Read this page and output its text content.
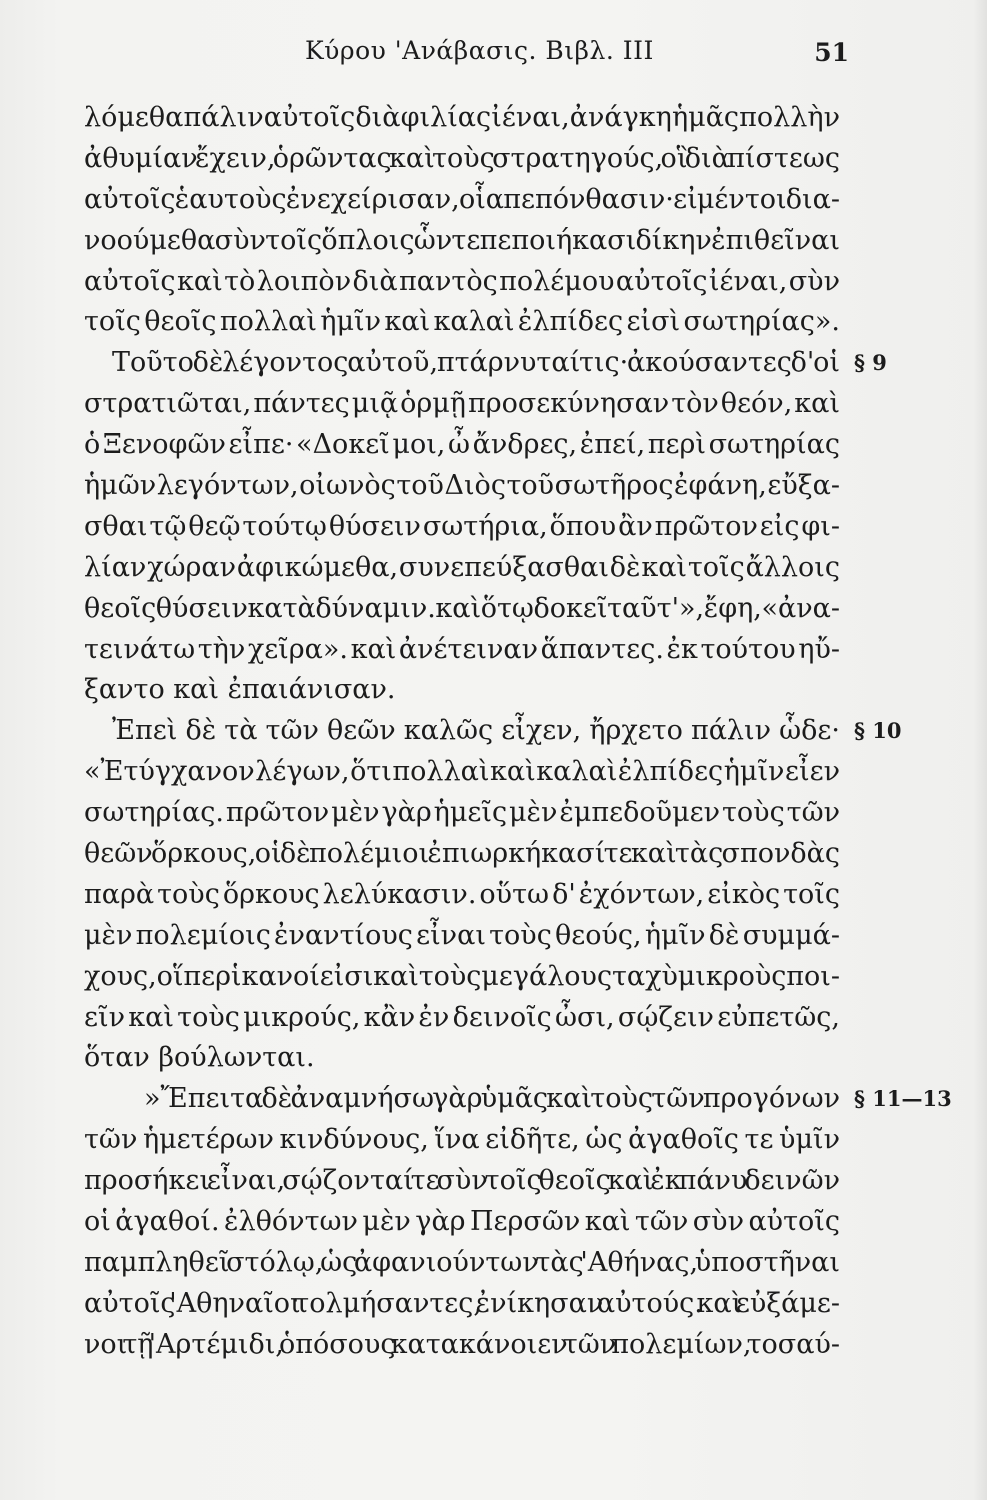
Κύρου 'Ανάβασις. Βιβλ. III	51
λόμεθα πάλιν αὐτοῖς διὰ φιλίας ἰέναι, ἀνάγκη ἡμᾶς πολλὴν
ἀθυμίαν ἔχειν, ὁρῶντας καὶ τοὺς στρατηγούς, οἳ διὰ πίστεως
αὐτοῖς ἑαυτοὺς ἐνεχείρισαν, οἷα πεπόνθασιν· εἰ μέντοι δια-
νοούμεθα σὺν τοῖς ὅπλοις ὧν τε πεποιήκασι δίκην ἐπιθεῖναι
αὐτοῖς καὶ τὸ λοιπὸν διὰ παντὸς πολέμου αὐτοῖς ἰέναι, σὺν
τοῖς θεοῖς πολλαὶ ἡμῖν καὶ καλαὶ ἐλπίδες εἰσὶ σωτηρίας».
Τοῦτο δὲ λέγοντος αὐτοῦ, πτάρνυταί τις· ἀκούσαντες δ' οἱ § 9
στρατιῶται, πάντες μιᾷ ὁρμῇ προσεκύνησαν τὸν θεόν, καὶ
ὁ Ξενοφῶν εἶπε· «Δοκεῖ μοι, ὦ ἄνδρες, ἐπεί, περὶ σωτηρίας
ἡμῶν λεγόντων, οἰωνὸς τοῦ Διὸς τοῦ σωτῆρος ἐφάνη, εὔξα-
σθαι τῷ θεῷ τούτῳ θύσειν σωτήρια, ὅπου ἂν πρῶτον εἰς φι-
λίαν χώραν ἀφικώμεθα, συνεπεύξασθαι δὲ καὶ τοῖς ἄλλοις
θεοῖς θύσειν κατὰ δύναμιν. καὶ ὅτῳ δοκεῖ ταῦτ'», ἔφη, «ἀνα-
τεινάτω τὴν χεῖρα». καὶ ἀνέτειναν ἅπαντες. ἐκ τούτου ηὔ-
ξαντο καὶ ἐπαιάνισαν.
Ἐπεὶ δὲ τὰ τῶν θεῶν καλῶς εἶχεν, ἤρχετο πάλιν ὧδε· § 10
«Ἐτύγχανον λέγων, ὅτι πολλαὶ καὶ καλαὶ ἐλπίδες ἡμῖν εἶεν
σωτηρίας. πρῶτον μὲν γὰρ ἡμεῖς μὲν ἐμπεδοῦμεν τοὺς τῶν
θεῶν ὅρκους, οἱ δὲ πολέμιοι ἐπιωρκήκασί τε καὶ τὰς σπονδὰς
παρὰ τοὺς ὅρκους λελύκασιν. οὕτω δ' ἐχόντων, εἰκὸς τοῖς
μὲν πολεμίοις ἐναντίους εἶναι τοὺς θεούς, ἡμῖν δὲ συμμά-
χους, οἵπερ ἱκανοί εἰσι καὶ τοὺς μεγάλους ταχὺ μικροὺς ποι-
εῖν καὶ τοὺς μικρούς, κἂν ἐν δεινοῖς ὦσι, σῴζειν εὐπετῶς,
ὅταν βούλωνται.
»Ἔπειτα δὲ ἀναμνήσω γὰρ ὑμᾶς καὶ τοὺς τῶν προγόνων § 11—13
τῶν ἡμετέρων κινδύνους, ἵνα εἰδῆτε, ὡς ἀγαθοῖς τε ὑμῖν
προσήκει εἶναι, σῴζονταί τε σὺν τοῖς θεοῖς καὶ ἐκ πάνυ δεινῶν
οἱ ἀγαθοί. ἐλθόντων μὲν γὰρ Περσῶν καὶ τῶν σὺν αὐτοῖς
παμπληθεῖ στόλῳ, ὡς ἀφανιούντων τὰς 'Αθήνας, ὑποστῆναι
αὐτοῖς 'Αθηναῖοι τολμήσαντες, ἐνίκησαν αὐτούς. καὶ εὐξάμε-
νοι τῇ 'Αρτέμιδι, ὁπόσους κατακάνοιεν τῶν πολεμίων, τοσαύ-
